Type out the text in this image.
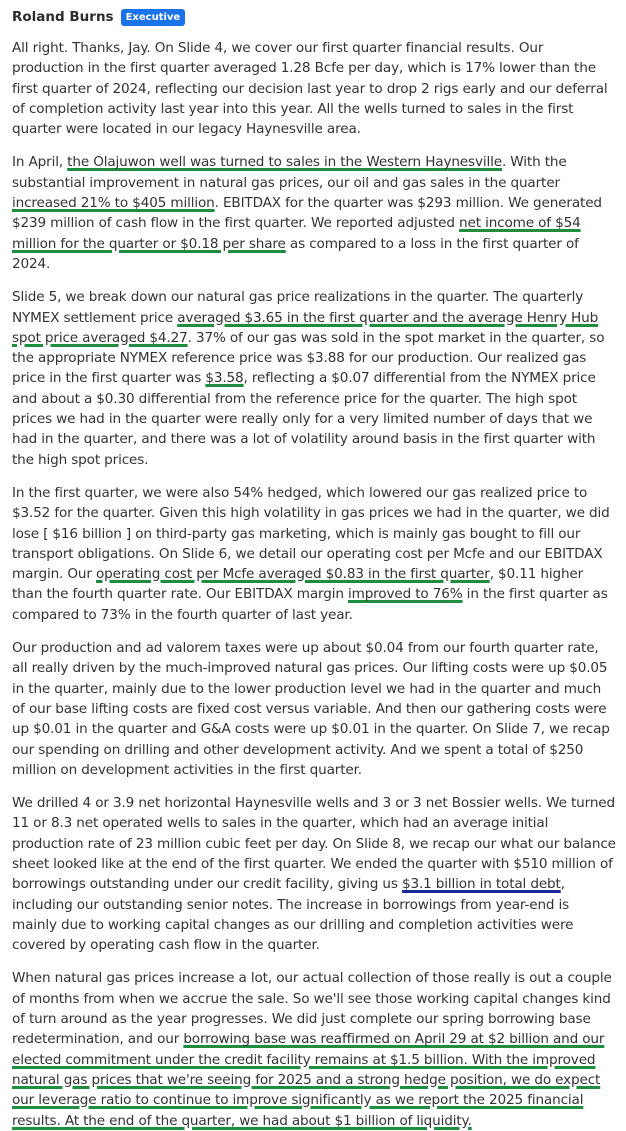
Roland Burns	Executive

All right. Thanks, Jay. On Slide 4, we cover our first quarter financial results. Our production in the first quarter averaged 1.28 Bcfe per day, which is 17% lower than the first quarter of 2024, reflecting our decision last year to drop 2 rigs early and our deferral of completion activity last year into this year. All the wells turned to sales in the first quarter were located in our legacy Haynesville area.

In April, the Olajuwon well was turned to sales in the Western Haynesville. With the substantial improvement in natural gas prices, our oil and gas sales in the quarter increased 21% to $405 million. EBITDAX for the quarter was $293 million. We generated $239 million of cash flow in the first quarter. We reported adjusted net income of $54 million for the quarter or $0.18 per share as compared to a loss in the first quarter of 2024.

Slide 5, we break down our natural gas price realizations in the quarter. The quarterly NYMEX settlement price averaged $3.65 in the first quarter and the average Henry Hub spot price averaged $4.27. 37% of our gas was sold in the spot market in the quarter, so the appropriate NYMEX reference price was $3.88 for our production. Our realized gas price in the first quarter was $3.58, reflecting a $0.07 differential from the NYMEX price and about a $0.30 differential from the reference price for the quarter. The high spot prices we had in the quarter were really only for a very limited number of days that we had in the quarter, and there was a lot of volatility around basis in the first quarter with the high spot prices.

In the first quarter, we were also 54% hedged, which lowered our gas realized price to $3.52 for the quarter. Given this high volatility in gas prices we had in the quarter, we did lose [ $16 billion ] on third-party gas marketing, which is mainly gas bought to fill our transport obligations. On Slide 6, we detail our operating cost per Mcfe and our EBITDAX margin. Our operating cost per Mcfe averaged $0.83 in the first quarter, $0.11 higher than the fourth quarter rate. Our EBITDAX margin improved to 76% in the first quarter as compared to 73% in the fourth quarter of last year.

Our production and ad valorem taxes were up about $0.04 from our fourth quarter rate, all really driven by the much-improved natural gas prices. Our lifting costs were up $0.05 in the quarter, mainly due to the lower production level we had in the quarter and much of our base lifting costs are fixed cost versus variable. And then our gathering costs were up $0.01 in the quarter and G&A costs were up $0.01 in the quarter. On Slide 7, we recap our spending on drilling and other development activity. And we spent a total of $250 million on development activities in the first quarter.

We drilled 4 or 3.9 net horizontal Haynesville wells and 3 or 3 net Bossier wells. We turned 11 or 8.3 net operated wells to sales in the quarter, which had an average initial production rate of 23 million cubic feet per day. On Slide 8, we recap our what our balance sheet looked like at the end of the first quarter. We ended the quarter with $510 million of borrowings outstanding under our credit facility, giving us $3.1 billion in total debt, including our outstanding senior notes. The increase in borrowings from year-end is mainly due to working capital changes as our drilling and completion activities were covered by operating cash flow in the quarter.

When natural gas prices increase a lot, our actual collection of those really is out a couple of months from when we accrue the sale. So we'll see those working capital changes kind of turn around as the year progresses. We did just complete our spring borrowing base redetermination, and our borrowing base was reaffirmed on April 29 at $2 billion and our elected commitment under the credit facility remains at $1.5 billion. With the improved natural gas prices that we're seeing for 2025 and a strong hedge position, we do expect our leverage ratio to continue to improve significantly as we report the 2025 financial results. At the end of the quarter, we had about $1 billion of liquidity.
